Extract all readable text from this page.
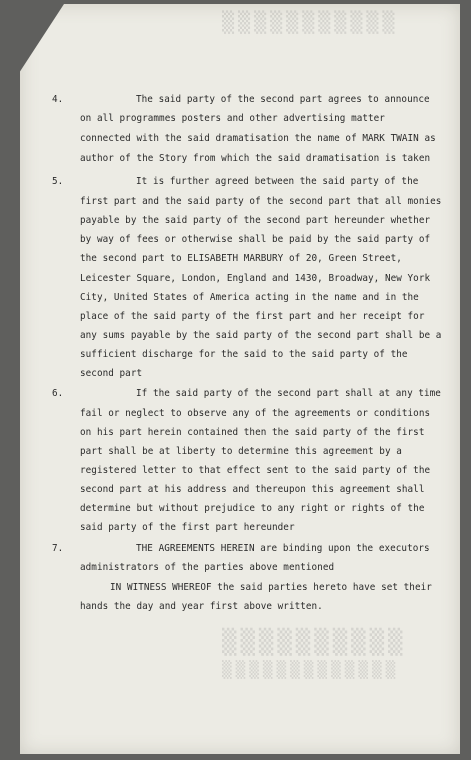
▒▒▒▒▒▒▒▒▒▒▒
▒▒▒▒▒▒▒▒▒▒
▒▒▒▒▒▒▒▒▒▒▒▒▒
4.	The said party of the second part agrees to announce
on all programmes posters and other advertising matter
connected with the said dramatisation the name of MARK TWAIN as
author of the Story from which the said dramatisation is taken
5.	It is further agreed between the said party of the
first part and the said party of the second part that all monies
payable by the said party of the second part hereunder whether
by way of fees or otherwise shall be paid by the said party of
the second part to ELISABETH MARBURY of 20, Green Street,
Leicester Square, London, England and 1430, Broadway, New York
City, United States of America acting in the name and in the
place of the said party of the first part and her receipt for
any sums payable by the said party of the second part shall be a
sufficient discharge for the said to the said party of the
second part
6.	If the said party of the second part shall at any time
fail or neglect to observe any of the agreements or conditions
on his part herein contained then the said party of the first
part shall be at liberty to determine this agreement by a
registered letter to that effect sent to the said party of the
second part at his address and thereupon this agreement shall
determine but without prejudice to any right or rights of the
said party of the first part hereunder
7.	THE AGREEMENTS HEREIN are binding upon the executors
administrators of the parties above mentioned
IN WITNESS WHEREOF the said parties hereto have set their
hands the day and year first above written.
